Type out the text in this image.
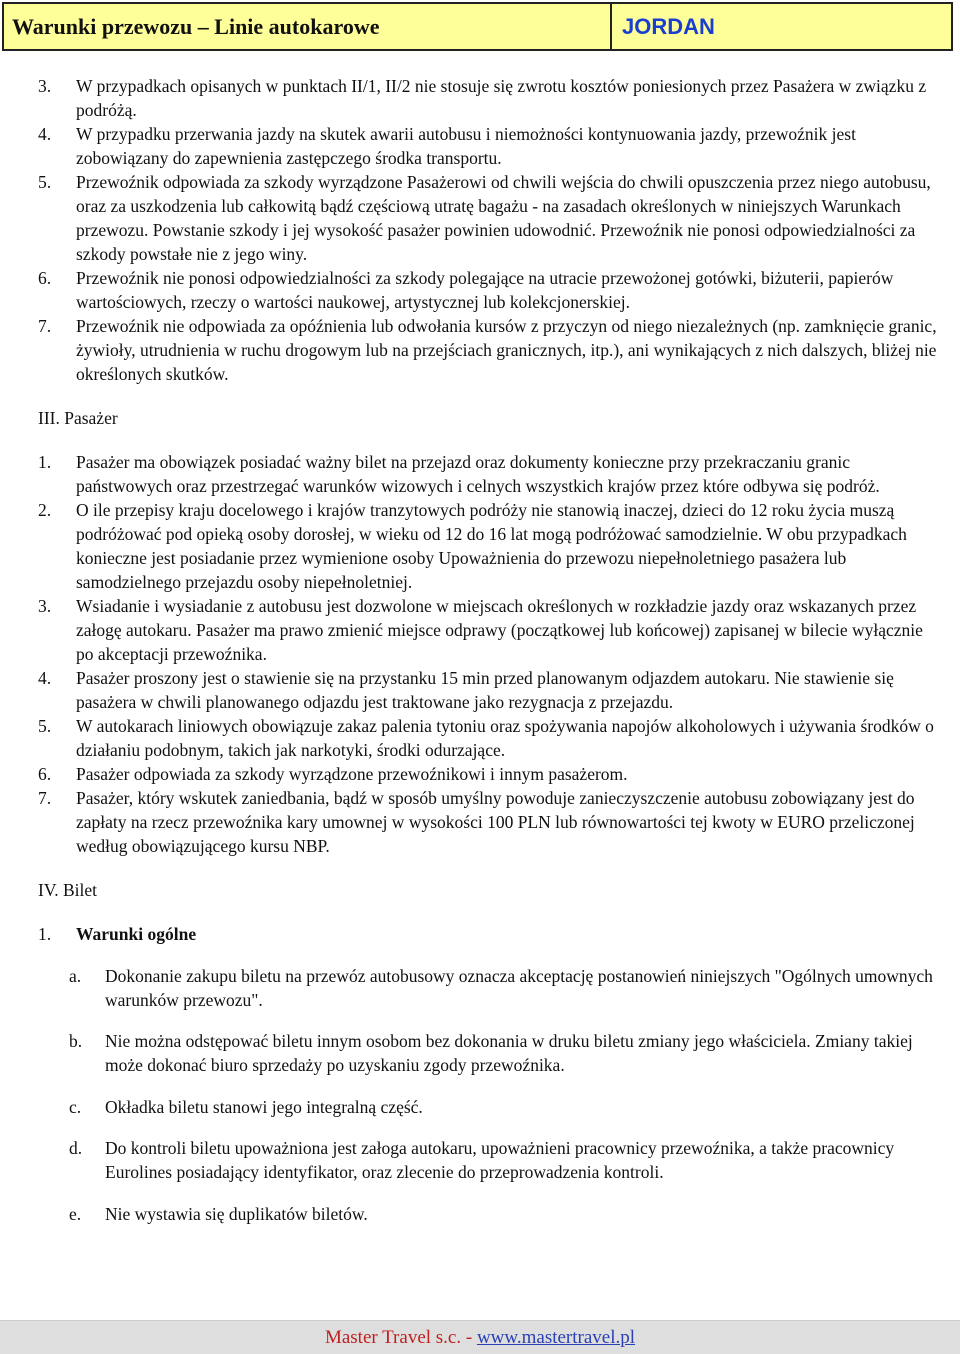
Warunki przewozu – Linie autokarowe	JORDAN

3. W przypadkach opisanych w punktach II/1, II/2 nie stosuje się zwrotu kosztów poniesionych przez Pasażera w związku z podróżą.

4. W przypadku przerwania jazdy na skutek awarii autobusu i niemożności kontynuowania jazdy, przewoźnik jest zobowiązany do zapewnienia zastępczego środka transportu.

5. Przewoźnik odpowiada za szkody wyrządzone Pasażerowi od chwili wejścia do chwili opuszczenia przez niego autobusu, oraz za uszkodzenia lub całkowitą bądź częściową utratę bagażu - na zasadach określonych w niniejszych Warunkach przewozu. Powstanie szkody i jej wysokość pasażer powinien udowodnić. Przewoźnik nie ponosi odpowiedzialności za szkody powstałe nie z jego winy.

6. Przewoźnik nie ponosi odpowiedzialności za szkody polegające na utracie przewożonej gotówki, biżuterii, papierów wartościowych, rzeczy o wartości naukowej, artystycznej lub kolekcjonerskiej.

7. Przewoźnik nie odpowiada za opóźnienia lub odwołania kursów z przyczyn od niego niezależnych (np. zamknięcie granic, żywioły, utrudnienia w ruchu drogowym lub na przejściach granicznych, itp.), ani wynikających z nich dalszych, bliżej nie określonych skutków.

III. Pasażer

1. Pasażer ma obowiązek posiadać ważny bilet na przejazd oraz dokumenty konieczne przy przekraczaniu granic państwowych oraz przestrzegać warunków wizowych i celnych wszystkich krajów przez które odbywa się podróż.

2. O ile przepisy kraju docelowego i krajów tranzytowych podróży nie stanowią inaczej, dzieci do 12 roku życia muszą podróżować pod opieką osoby dorosłej, w wieku od 12 do 16 lat mogą podróżować samodzielnie. W obu przypadkach konieczne jest posiadanie przez wymienione osoby Upoważnienia do przewozu niepełnoletniego pasażera lub samodzielnego przejazdu osoby niepełnoletniej.

3. Wsiadanie i wysiadanie z autobusu jest dozwolone w miejscach określonych w rozkładzie jazdy oraz wskazanych przez załogę autokaru. Pasażer ma prawo zmienić miejsce odprawy (początkowej lub końcowej) zapisanej w bilecie wyłącznie po akceptacji przewoźnika.

4. Pasażer proszony jest o stawienie się na przystanku 15 min przed planowanym odjazdem autokaru. Nie stawienie się pasażera w chwili planowanego odjazdu jest traktowane jako rezygnacja z przejazdu.

5. W autokarach liniowych obowiązuje zakaz palenia tytoniu oraz spożywania napojów alkoholowych i używania środków o działaniu podobnym, takich jak narkotyki, środki odurzające.

6. Pasażer odpowiada za szkody wyrządzone przewoźnikowi i innym pasażerom.

7. Pasażer, który wskutek zaniedbania, bądź w sposób umyślny powoduje zanieczyszczenie autobusu zobowiązany jest do zapłaty na rzecz przewoźnika kary umownej w wysokości 100 PLN lub równowartości tej kwoty w EURO przeliczonej według obowiązującego kursu NBP.

IV. Bilet

1. Warunki ogólne

a. Dokonanie zakupu biletu na przewóz autobusowy oznacza akceptację postanowień niniejszych "Ogólnych umownych warunków przewozu".

b. Nie można odstępować biletu innym osobom bez dokonania w druku biletu zmiany jego właściciela. Zmiany takiej może dokonać biuro sprzedaży po uzyskaniu zgody przewoźnika.

c. Okładka biletu stanowi jego integralną część.

d. Do kontroli biletu upoważniona jest załoga autokaru, upoważnieni pracownicy przewoźnika, a także pracownicy Eurolines posiadający identyfikator, oraz zlecenie do przeprowadzenia kontroli.

e. Nie wystawia się duplikatów biletów.

Master Travel s.c. - www.mastertravel.pl
